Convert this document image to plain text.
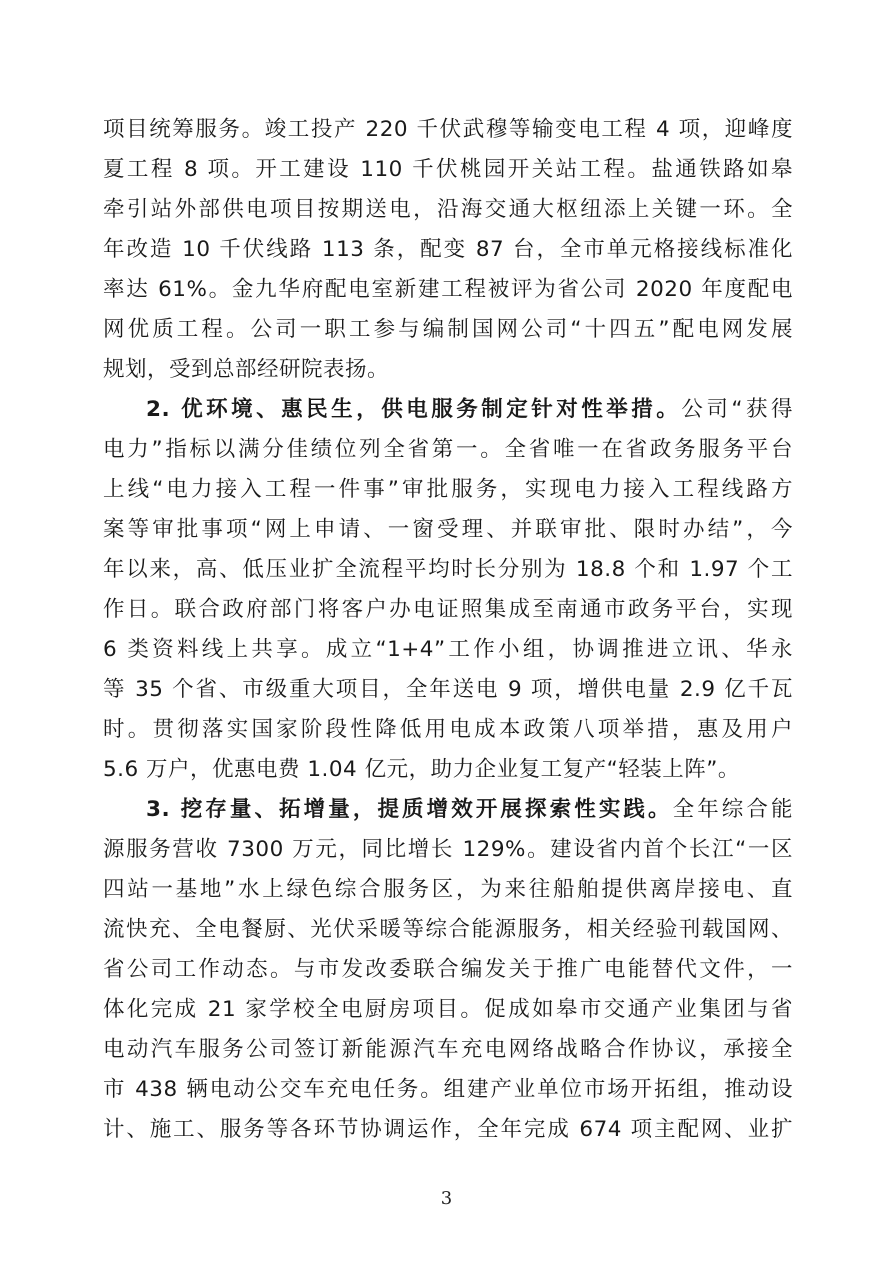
项目统筹服务。竣工投产 220 千伏武穆等输变电工程 4 项，迎峰度
夏工程 8 项。开工建设 110 千伏桃园开关站工程。盐通铁路如皋
牵引站外部供电项目按期送电，沿海交通大枢纽添上关键一环。全
年改造 10 千伏线路 113 条，配变 87 台，全市单元格接线标准化
率达 61%。金九华府配电室新建工程被评为省公司 2020 年度配电
网优质工程。公司一职工参与编制国网公司“十四五”配电网发展
规划，受到总部经研院表扬。
2. 优环境、惠民生，供电服务制定针对性举措。公司“获得
电力”指标以满分佳绩位列全省第一。全省唯一在省政务服务平台
上线“电力接入工程一件事”审批服务，实现电力接入工程线路方
案等审批事项“网上申请、一窗受理、并联审批、限时办结”，今
年以来，高、低压业扩全流程平均时长分别为 18.8 个和 1.97 个工
作日。联合政府部门将客户办电证照集成至南通市政务平台，实现
6 类资料线上共享。成立“1+4”工作小组，协调推进立讯、华永
等 35 个省、市级重大项目，全年送电 9 项，增供电量 2.9 亿千瓦
时。贯彻落实国家阶段性降低用电成本政策八项举措，惠及用户
5.6 万户，优惠电费 1.04 亿元，助力企业复工复产“轻装上阵”。
3. 挖存量、拓增量，提质增效开展探索性实践。全年综合能
源服务营收 7300 万元，同比增长 129%。建设省内首个长江“一区
四站一基地”水上绿色综合服务区，为来往船舶提供离岸接电、直
流快充、全电餐厨、光伏采暖等综合能源服务，相关经验刊载国网、
省公司工作动态。与市发改委联合编发关于推广电能替代文件，一
体化完成 21 家学校全电厨房项目。促成如皋市交通产业集团与省
电动汽车服务公司签订新能源汽车充电网络战略合作协议，承接全
市 438 辆电动公交车充电任务。组建产业单位市场开拓组，推动设
计、施工、服务等各环节协调运作，全年完成 674 项主配网、业扩
3
